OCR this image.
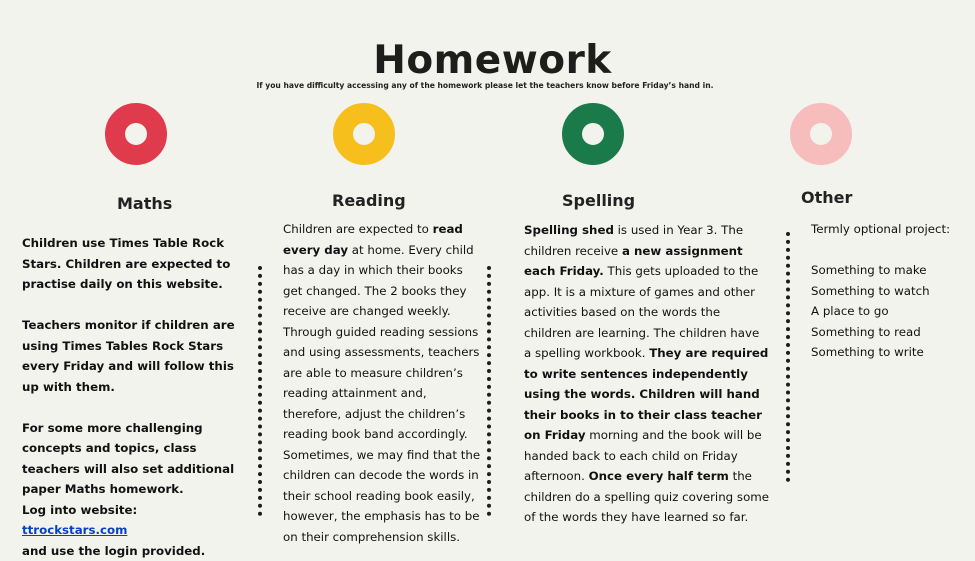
Homework
If you have difficulty accessing any of the homework please let the teachers know before Friday’s hand in.
Maths	Reading	Spelling	Other

Children use Times Table Rock Stars. Children are expected to practise daily on this website.

Teachers monitor if children are using Times Tables Rock Stars every Friday and will follow this up with them.

For some more challenging concepts and topics, class teachers will also set additional paper Maths homework.

Log into website: ttrockstars.com

and use the login provided.

Children are expected to read every day at home. Every child has a day in which their books get changed. The 2 books they receive are changed weekly. Through guided reading sessions and using assessments, teachers are able to measure children’s reading attainment and, therefore, adjust the children’s reading book band accordingly. Sometimes, we may find that the children can decode the words in their school reading book easily, however, the emphasis has to be on their comprehension skills.

Spelling shed is used in Year 3. The children receive a new assignment each Friday. This gets uploaded to the app. It is a mixture of games and other activities based on the words the children are learning. The children have a spelling workbook. They are required to write sentences independently using the words. Children will hand their books in to their class teacher on Friday morning and the book will be handed back to each child on Friday afternoon. Once every half term the children do a spelling quiz covering some of the words they have learned so far.

Termly optional project:

Something to make

Something to watch

A place to go

Something to read

Something to write
